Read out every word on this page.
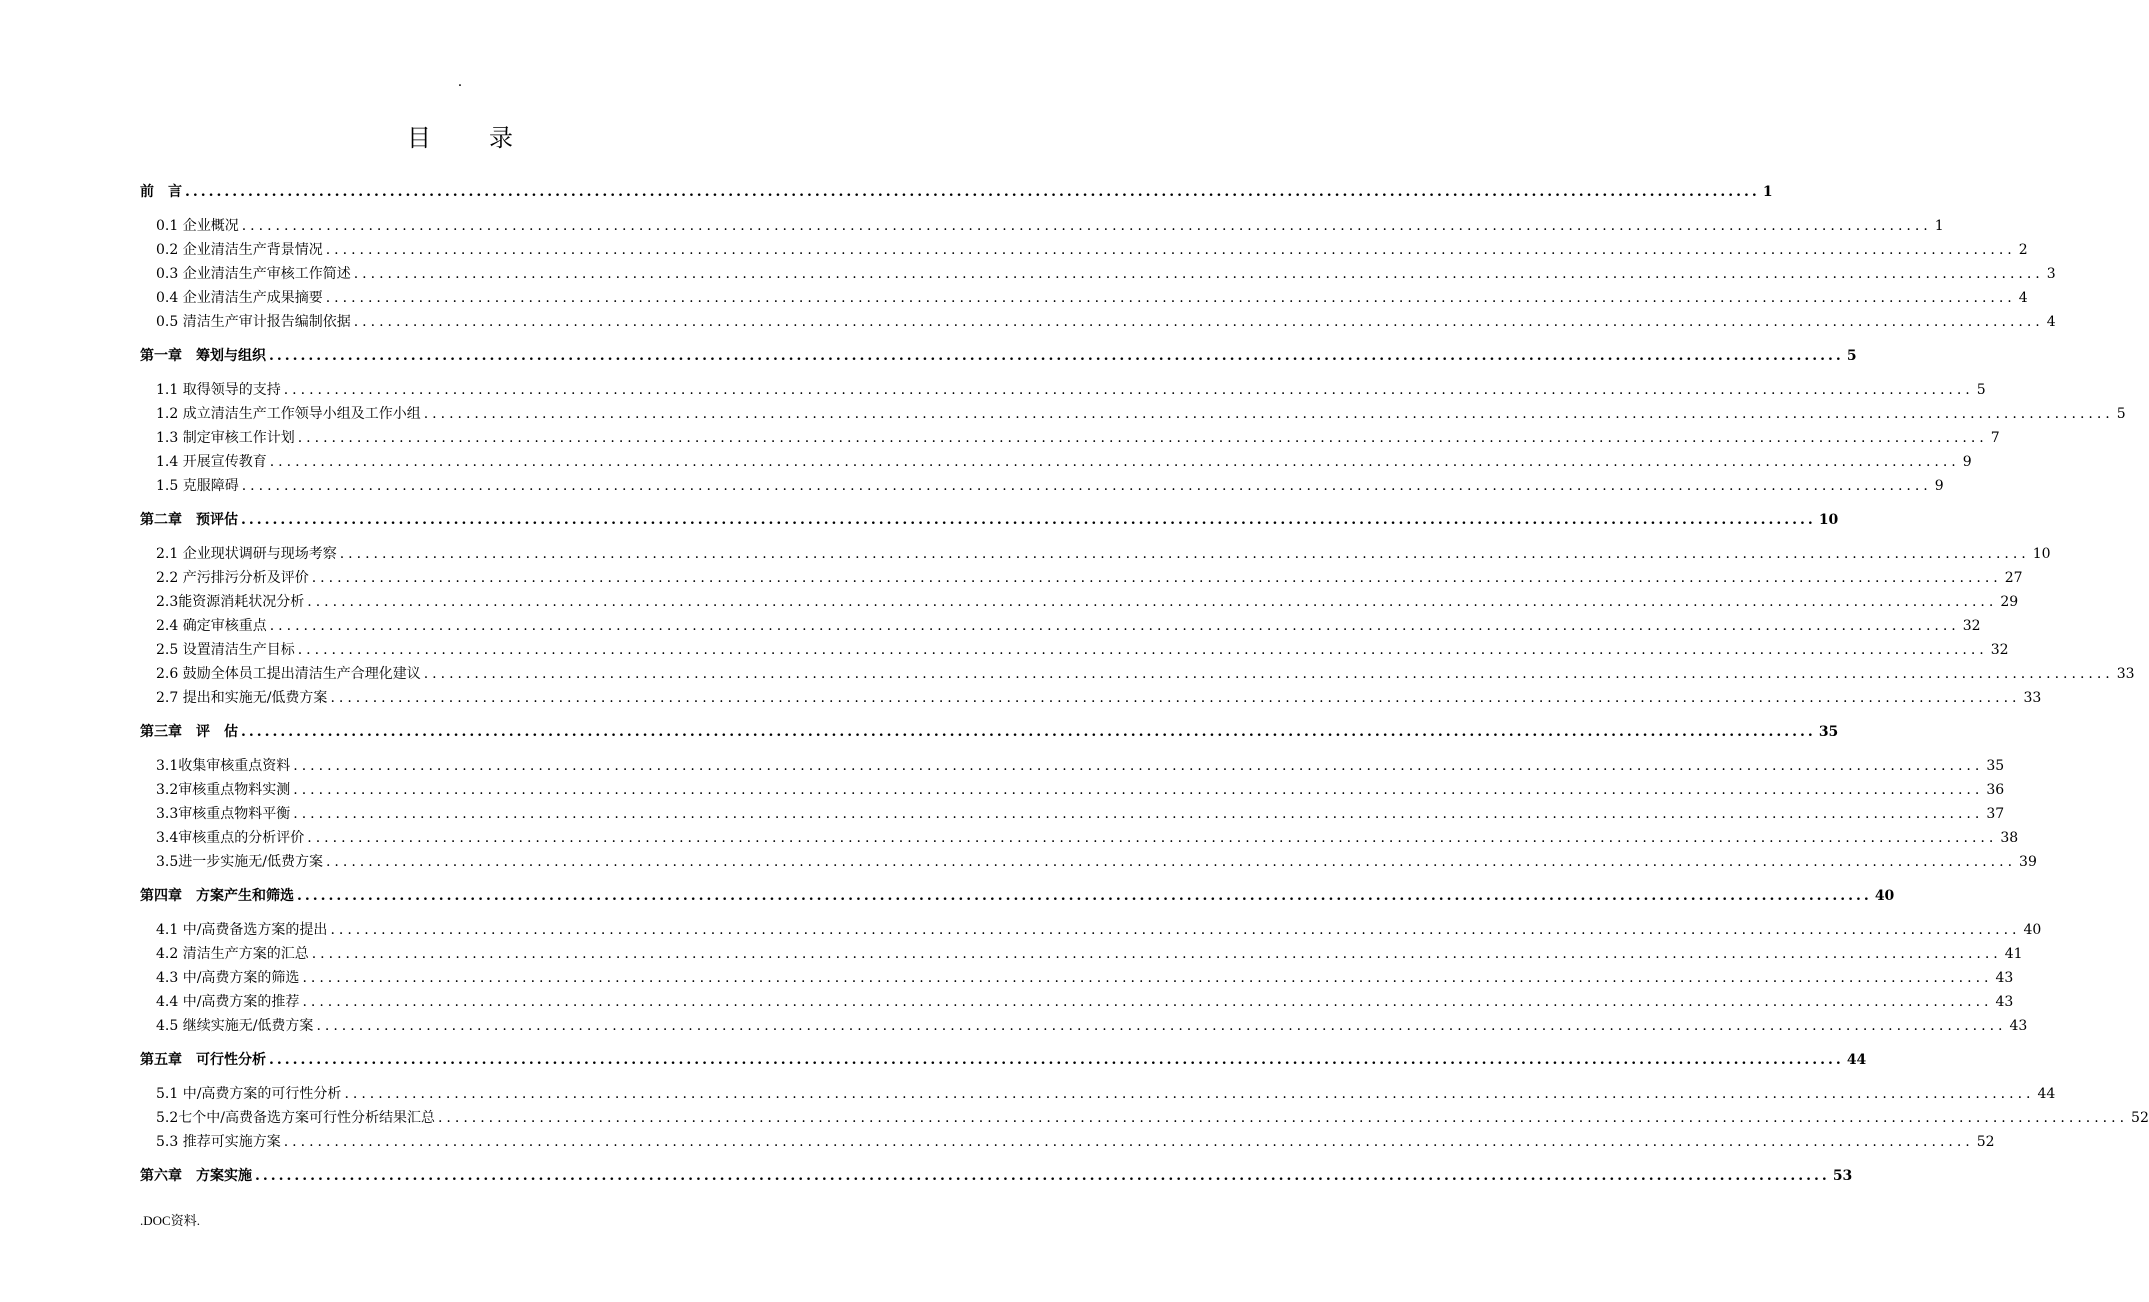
.
目 录
前　言 ........................................................................................................................................................................................................ 1
0.1 企业概况 ........................................................................................................................................................................................................ 1
0.2 企业清洁生产背景情况 ........................................................................................................................................................................................................ 2
0.3 企业清洁生产审核工作简述 ........................................................................................................................................................................................................ 3
0.4 企业清洁生产成果摘要 ........................................................................................................................................................................................................ 4
0.5 清洁生产审计报告编制依据 ........................................................................................................................................................................................................ 4
第一章　筹划与组织 ........................................................................................................................................................................................................ 5
1.1 取得领导的支持 ........................................................................................................................................................................................................ 5
1.2 成立清洁生产工作领导小组及工作小组 ........................................................................................................................................................................................................ 5
1.3 制定审核工作计划 ........................................................................................................................................................................................................ 7
1.4 开展宣传教育 ........................................................................................................................................................................................................ 9
1.5 克服障碍 ........................................................................................................................................................................................................ 9
第二章　预评估 ........................................................................................................................................................................................................ 10
2.1 企业现状调研与现场考察 ........................................................................................................................................................................................................ 10
2.2 产污排污分析及评价 ........................................................................................................................................................................................................ 27
2.3能资源消耗状况分析 ........................................................................................................................................................................................................ 29
2.4 确定审核重点 ........................................................................................................................................................................................................ 32
2.5 设置清洁生产目标 ........................................................................................................................................................................................................ 32
2.6 鼓励全体员工提出清洁生产合理化建议 ........................................................................................................................................................................................................ 33
2.7 提出和实施无/低费方案 ........................................................................................................................................................................................................ 33
第三章　评　估 ........................................................................................................................................................................................................ 35
3.1收集审核重点资料 ........................................................................................................................................................................................................ 35
3.2审核重点物料实测 ........................................................................................................................................................................................................ 36
3.3审核重点物料平衡 ........................................................................................................................................................................................................ 37
3.4审核重点的分析评价 ........................................................................................................................................................................................................ 38
3.5进一步实施无/低费方案 ........................................................................................................................................................................................................ 39
第四章　方案产生和筛选 ........................................................................................................................................................................................................ 40
4.1 中/高费备选方案的提出 ........................................................................................................................................................................................................ 40
4.2 清洁生产方案的汇总 ........................................................................................................................................................................................................ 41
4.3 中/高费方案的筛选 ........................................................................................................................................................................................................ 43
4.4 中/高费方案的推荐 ........................................................................................................................................................................................................ 43
4.5 继续实施无/低费方案 ........................................................................................................................................................................................................ 43
第五章　可行性分析 ........................................................................................................................................................................................................ 44
5.1 中/高费方案的可行性分析 ........................................................................................................................................................................................................ 44
5.2七个中/高费备选方案可行性分析结果汇总 ........................................................................................................................................................................................................ 52
5.3 推荐可实施方案 ........................................................................................................................................................................................................ 52
第六章　方案实施 ........................................................................................................................................................................................................ 53
.DOC资料.
